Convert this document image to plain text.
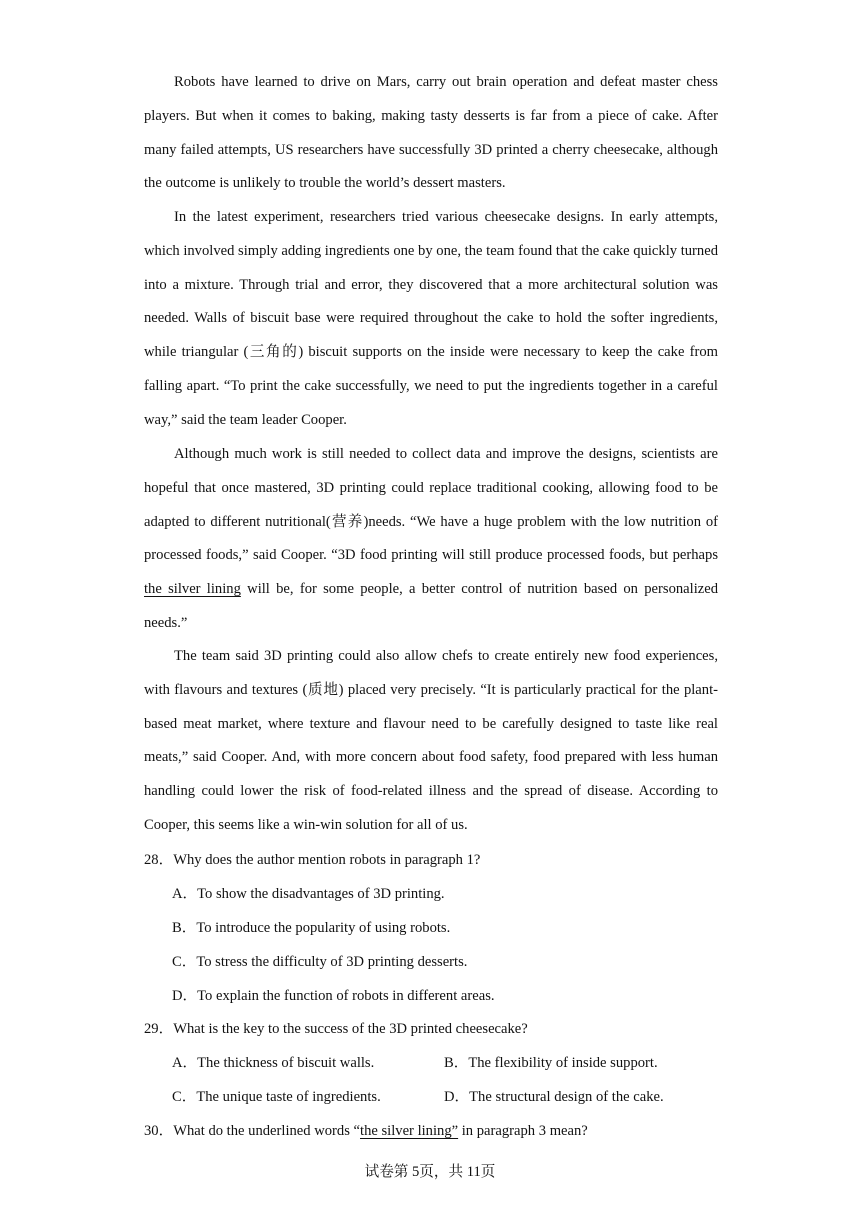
Robots have learned to drive on Mars, carry out brain operation and defeat master chess players. But when it comes to baking, making tasty desserts is far from a piece of cake. After many failed attempts, US researchers have successfully 3D printed a cherry cheesecake, although the outcome is unlikely to trouble the world’s dessert masters.

In the latest experiment, researchers tried various cheesecake designs. In early attempts, which involved simply adding ingredients one by one, the team found that the cake quickly turned into a mixture. Through trial and error, they discovered that a more architectural solution was needed. Walls of biscuit base were required throughout the cake to hold the softer ingredients, while triangular (三角的) biscuit supports on the inside were necessary to keep the cake from falling apart. “To print the cake successfully, we need to put the ingredients together in a careful way,” said the team leader Cooper.

Although much work is still needed to collect data and improve the designs, scientists are hopeful that once mastered, 3D printing could replace traditional cooking, allowing food to be adapted to different nutritional(营养)needs. “We have a huge problem with the low nutrition of processed foods,” said Cooper. “3D food printing will still produce processed foods, but perhaps the silver lining will be, for some people, a better control of nutrition based on personalized needs.”

The team said 3D printing could also allow chefs to create entirely new food experiences, with flavours and textures (质地) placed very precisely. “It is particularly practical for the plant-based meat market, where texture and flavour need to be carefully designed to taste like real meats,” said Cooper. And, with more concern about food safety, food prepared with less human handling could lower the risk of food-related illness and the spread of disease. According to Cooper, this seems like a win-win solution for all of us.

28．Why does the author mention robots in paragraph 1?
A．To show the disadvantages of 3D printing.
B．To introduce the popularity of using robots.
C．To stress the difficulty of 3D printing desserts.
D．To explain the function of robots in different areas.
29．What is the key to the success of the 3D printed cheesecake?
A．The thickness of biscuit walls.	B．The flexibility of inside support.
C．The unique taste of ingredients.	D．The structural design of the cake.
30．What do the underlined words “the silver lining” in paragraph 3 mean?
试卷第 5页，共 11页
